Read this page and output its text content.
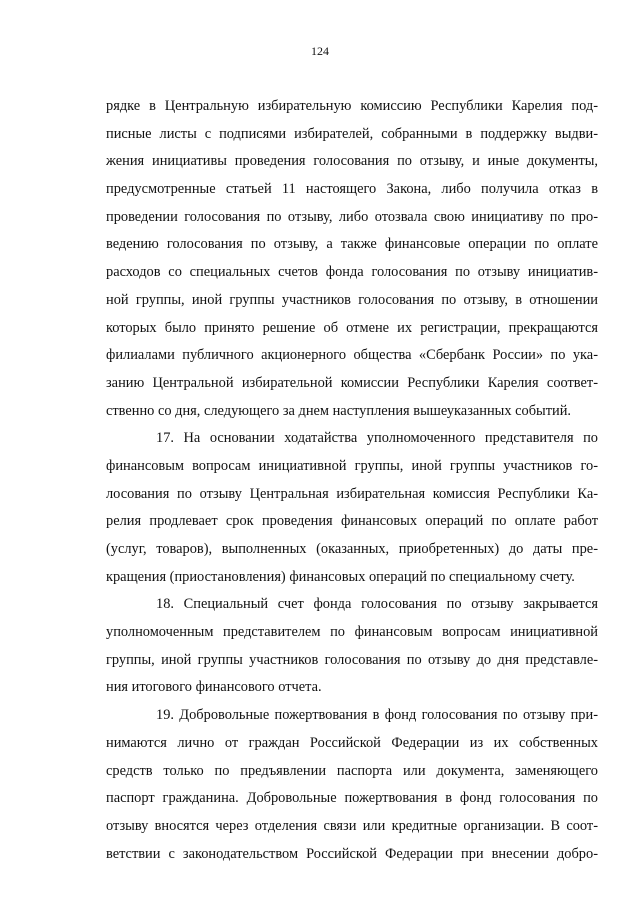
124
рядке в Центральную избирательную комиссию Республики Карелия под-
писные листы с подписями избирателей, собранными в поддержку выдви-
жения инициативы проведения голосования по отзыву, и иные документы,
предусмотренные статьей 11 настоящего Закона, либо получила отказ в
проведении голосования по отзыву, либо отозвала свою инициативу по про-
ведению голосования по отзыву, а также финансовые операции по оплате
расходов со специальных счетов фонда голосования по отзыву инициатив-
ной группы, иной группы участников голосования по отзыву, в отношении
которых было принято решение об отмене их регистрации, прекращаются
филиалами публичного акционерного общества «Сбербанк России» по ука-
занию Центральной избирательной комиссии Республики Карелия соответ-
ственно со дня, следующего за днем наступления вышеуказанных событий.
17. На основании ходатайства уполномоченного представителя по
финансовым вопросам инициативной группы, иной группы участников го-
лосования по отзыву Центральная избирательная комиссия Республики Ка-
релия продлевает срок проведения финансовых операций по оплате работ
(услуг, товаров), выполненных (оказанных, приобретенных) до даты пре-
кращения (приостановления) финансовых операций по специальному счету.
18. Специальный счет фонда голосования по отзыву закрывается
уполномоченным представителем по финансовым вопросам инициативной
группы, иной группы участников голосования по отзыву до дня представле-
ния итогового финансового отчета.
19. Добровольные пожертвования в фонд голосования по отзыву при-
нимаются лично от граждан Российской Федерации из их собственных
средств только по предъявлении паспорта или документа, заменяющего
паспорт гражданина. Добровольные пожертвования в фонд голосования по
отзыву вносятся через отделения связи или кредитные организации. В соот-
ветствии с законодательством Российской Федерации при внесении добро-
